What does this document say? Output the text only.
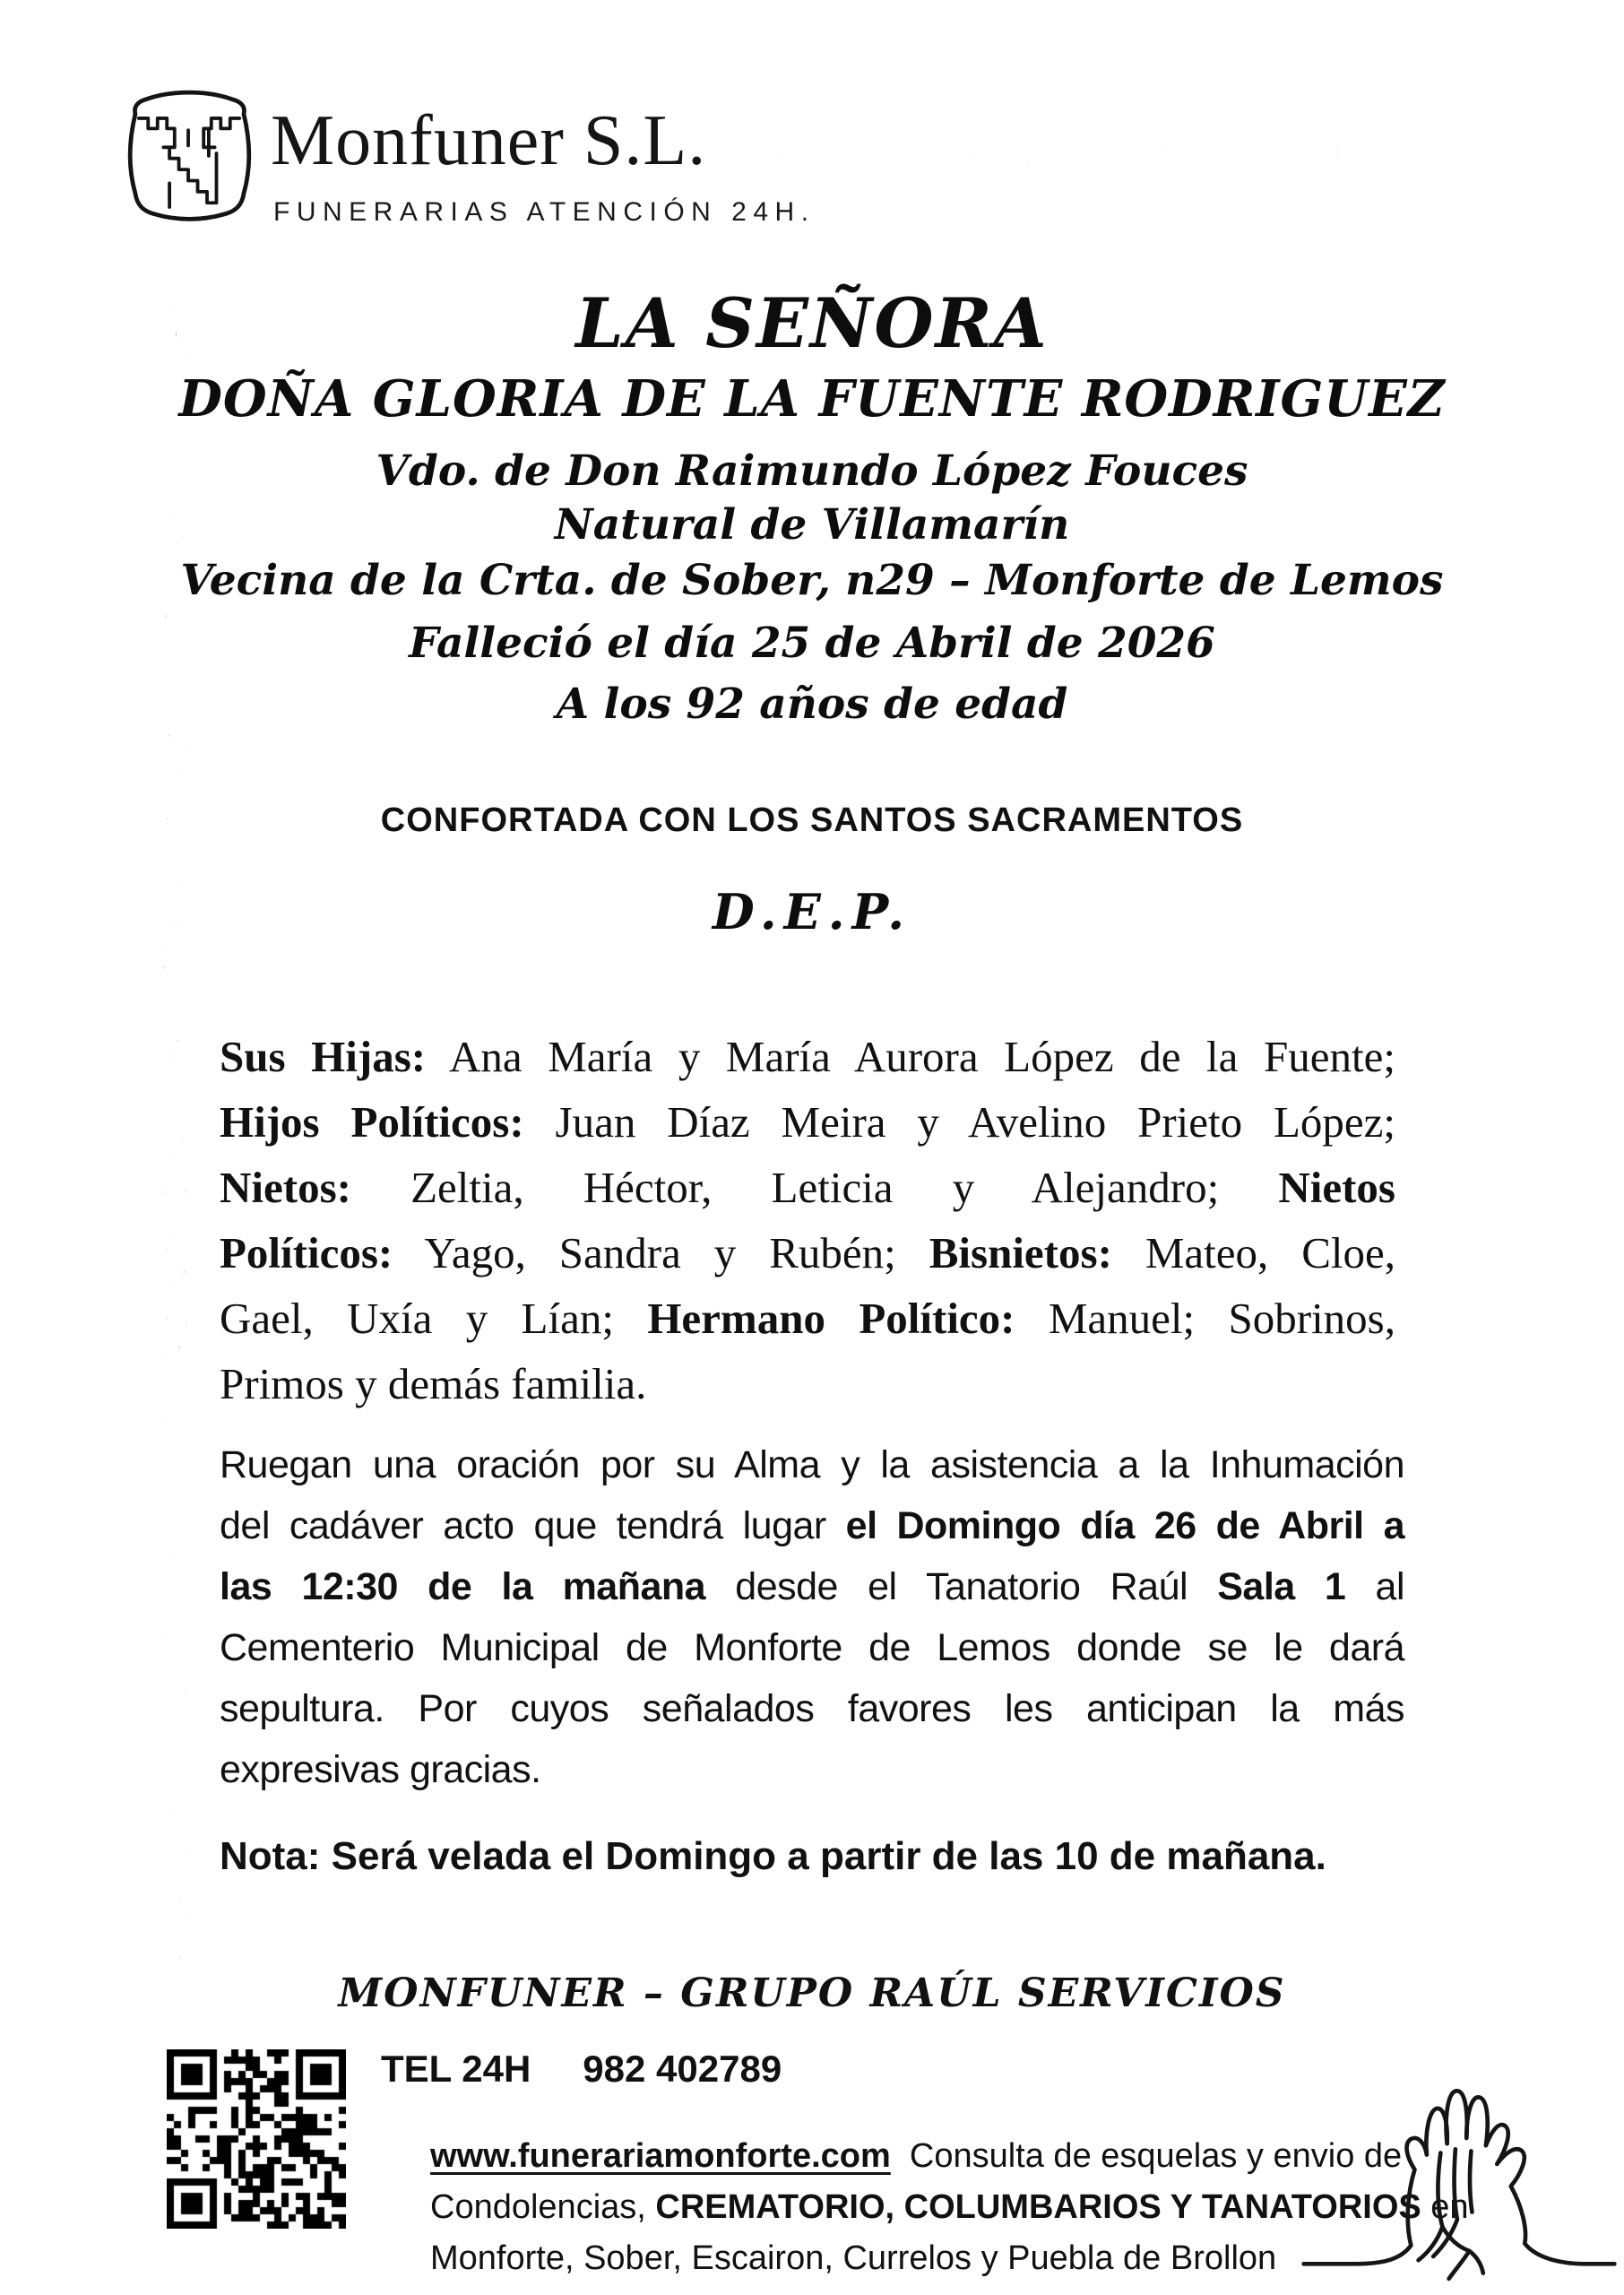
Monfuner S.L.
FUNERARIAS ATENCIÓN 24H.
LA SEÑORA
DOÑA GLORIA DE LA FUENTE RODRIGUEZ
Vdo. de Don Raimundo López Fouces
Natural de Villamarín
Vecina de la Crta. de Sober, n29 – Monforte de Lemos
Falleció el día 25 de Abril de 2026
A los 92 años de edad
CONFORTADA CON LOS SANTOS SACRAMENTOS
D.E.P.
Sus Hijas: Ana María y María Aurora López de la Fuente;
Hijos Políticos: Juan Díaz Meira y Avelino Prieto López;
Nietos: Zeltia, Héctor, Leticia y Alejandro; Nietos
Políticos: Yago, Sandra y Rubén; Bisnietos: Mateo, Cloe,
Gael, Uxía y Lían; Hermano Político: Manuel; Sobrinos,
Primos y demás familia.
Ruegan una oración por su Alma y la asistencia a la Inhumación
del cadáver acto que tendrá lugar el Domingo día 26 de Abril a
las 12:30 de la mañana desde el Tanatorio Raúl Sala 1 al
Cementerio Municipal de Monforte de Lemos donde se le dará
sepultura. Por cuyos señalados favores les anticipan la más
expresivas gracias.
Nota: Será velada el Domingo a partir de las 10 de mañana.
MONFUNER – GRUPO RAÚL SERVICIOS
TEL 24H 982 402789
www.funerariamonforte.com  Consulta de esquelas y envio de
Condolencias, CREMATORIO, COLUMBARIOS Y TANATORIOS en
Monforte, Sober, Escairon, Currelos y Puebla de Brollon
